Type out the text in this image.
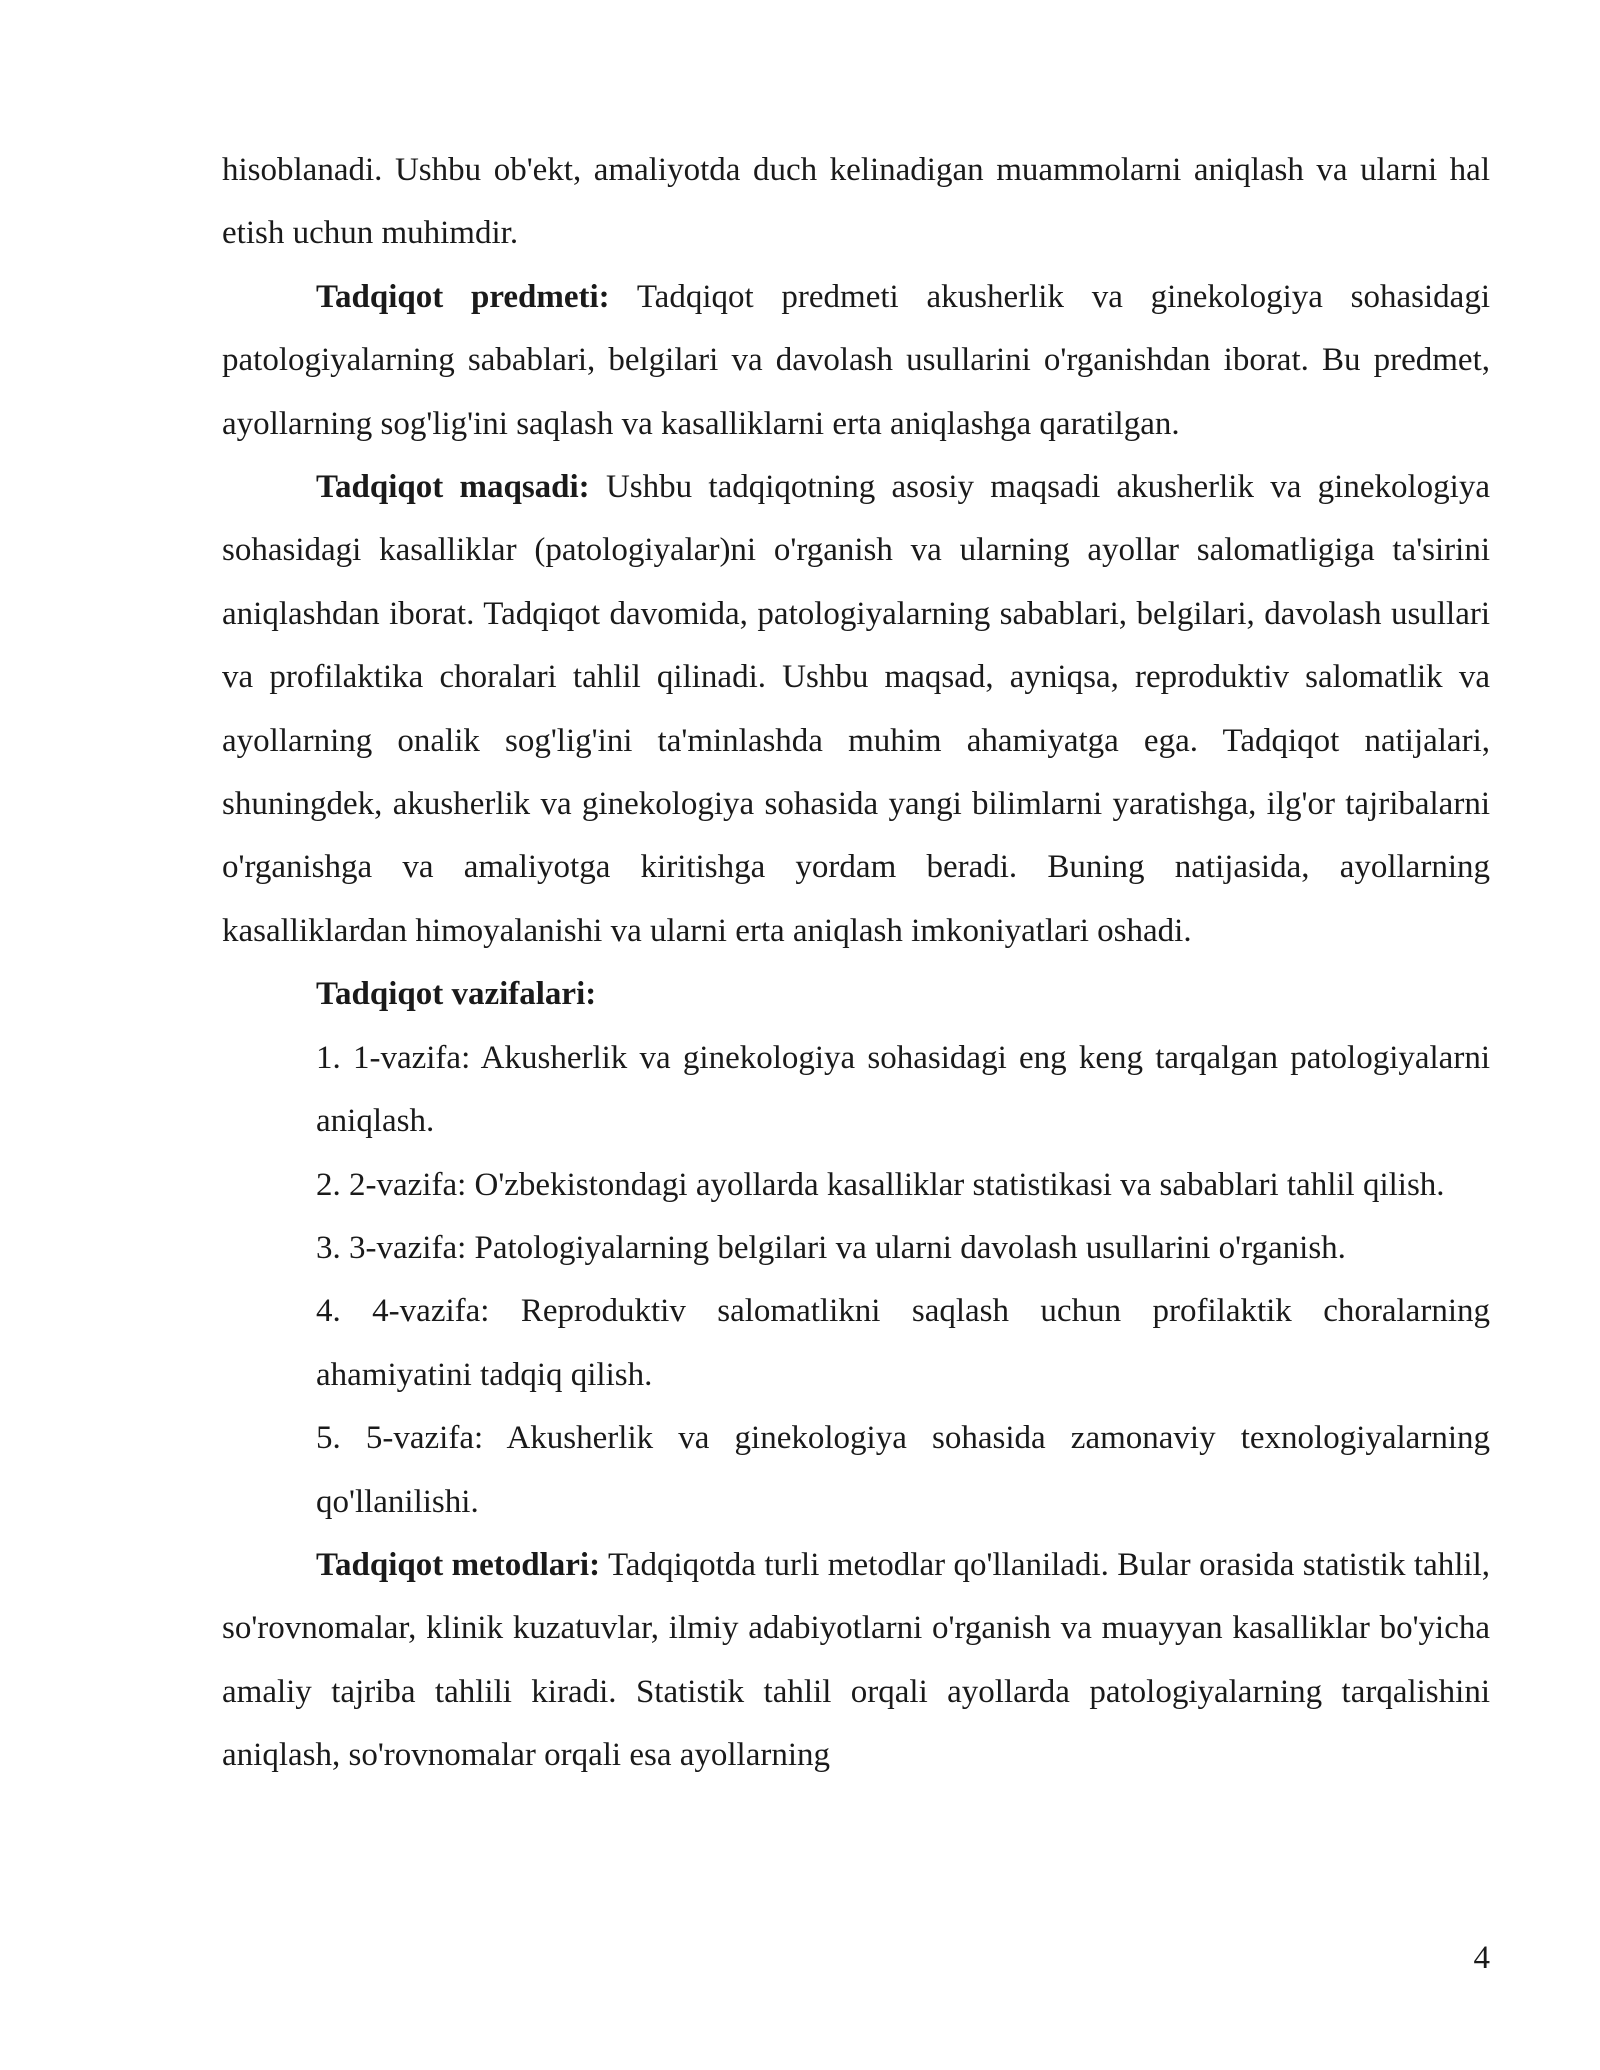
hisoblanadi. Ushbu ob'ekt, amaliyotda duch kelinadigan muammolarni aniqlash va ularni hal etish uchun muhimdir.

Tadqiqot predmeti: Tadqiqot predmeti akusherlik va ginekologiya sohasidagi patologiyalarning sabablari, belgilari va davolash usullarini o'rganishdan iborat. Bu predmet, ayollarning sog'lig'ini saqlash va kasalliklarni erta aniqlashga qaratilgan.

Tadqiqot maqsadi: Ushbu tadqiqotning asosiy maqsadi akusherlik va ginekologiya sohasidagi kasalliklar (patologiyalar)ni o'rganish va ularning ayollar salomatligiga ta'sirini aniqlashdan iborat. Tadqiqot davomida, patologiyalarning sabablari, belgilari, davolash usullari va profilaktika choralari tahlil qilinadi. Ushbu maqsad, ayniqsa, reproduktiv salomatlik va ayollarning onalik sog'lig'ini ta'minlashda muhim ahamiyatga ega. Tadqiqot natijalari, shuningdek, akusherlik va ginekologiya sohasida yangi bilimlarni yaratishga, ilg'or tajribalarni o'rganishga va amaliyotga kiritishga yordam beradi. Buning natijasida, ayollarning kasalliklardan himoyalanishi va ularni erta aniqlash imkoniyatlari oshadi.

Tadqiqot vazifalari:

1. 1-vazifa: Akusherlik va ginekologiya sohasidagi eng keng tarqalgan patologiyalarni aniqlash.

2. 2-vazifa: O'zbekistondagi ayollarda kasalliklar statistikasi va sabablari tahlil qilish.

3. 3-vazifa: Patologiyalarning belgilari va ularni davolash usullarini o'rganish.

4. 4-vazifa: Reproduktiv salomatlikni saqlash uchun profilaktik choralarning ahamiyatini tadqiq qilish.

5. 5-vazifa: Akusherlik va ginekologiya sohasida zamonaviy texnologiyalarning qo'llanilishi.

Tadqiqot metodlari: Tadqiqotda turli metodlar qo'llaniladi. Bular orasida statistik tahlil, so'rovnomalar, klinik kuzatuvlar, ilmiy adabiyotlarni o'rganish va muayyan kasalliklar bo'yicha amaliy tajriba tahlili kiradi. Statistik tahlil orqali ayollarda patologiyalarning tarqalishini aniqlash, so'rovnomalar orqali esa ayollarning

4
